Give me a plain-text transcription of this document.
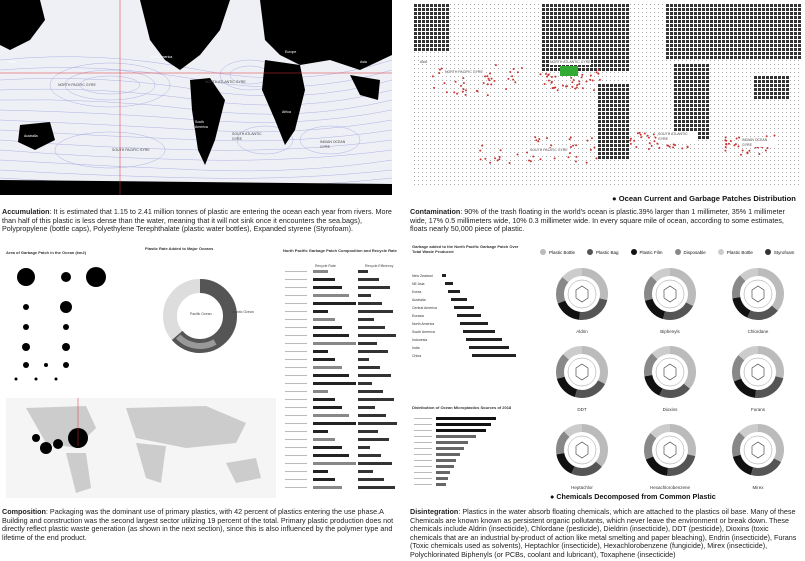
Asia
North America
Europe
Asia
NORTH PACIFIC GYRE
NORTH ATLANTIC GYRE
South America
Africa
SOUTH ATLANTIC GYRE
Australia
SOUTH PACIFIC GYRE
INDIAN OCEAN GYRE
Asia
NORTH PACIFIC GYRE
SOUTH PACIFIC GYRE
NORTH ATLANTIC GYRE
SOUTH ATLANTIC GYRE	INDIAN OCEAN GYRE
● Ocean Current and Garbage Patches Distribution
Accumulation: It is estimated that 1.15 to 2.41 million tonnes of plastic are entering the ocean each year from rivers. More than half of this plastic is less dense than the water, meaning that it will not sink once it encounters the sea.bags), Polypropylene (bottle caps), Polyethylene Terephthalate (plastic water bottles), Expanded styrene (Styrofoam).
Contamination: 90% of the trash floating in the world's ocean is plastic.39% larger than 1 millimeter, 35% 1 millimeter wide, 17% 0.5 millimeters wide, 10% 0.3 millimeter wide. In every square mile of ocean, according to some estimates, floats nearly 50,000 piece of plastic.
Area of Garbage Patch in the Ocean (km2)
Plastic Rate Added to Major Oceans
Pacific Ocean	Atlantic Ocean
North Pacific Garbage Patch Composition and Recycle Rate
Recycle Rate	Recycle Efficiency
Garbage added to the North Pacific Garbage Patch Over Total Waste Produced
New Zealand
NE Asia
Korea
Australia
Central America
Eurasia
North America
South America
Indonesia
India
China
Distribution of Ocean Microplastics Sources of 2018
Plastic Bottle	Plastic Bag	Plastic Film	Disposable	Plastic Bottle	Styrofoam
Aldrin	Biphenyls	Chlordane
DDT	Dioxins	Furans
Heptachlor	Hexachlorobenzene	Mirex
● Chemicals Decomposed from Common Plastic
Composition: Packaging was the dominant use of primary plastics, with 42 percent of plastics entering the use phase.A Building and construction was the second largest sector utilizing 19 percent of the total. Primary plastic production does not directly reflect plastic waste generation (as shown in the next section), since this is also influenced by the polymer type and lifetime of the end product.
Disintegration: Plastics in the water absorb floating chemicals, which are attached to the plastics oil base. Many of these Chemicals are known known as persistent organic pollutants, which never leave the environment or break down. These chemicals include Aldrin (insecticide), Chlordane (pesticide), Dieldrin (insecticide), DDT (pesticide), Dioxins (toxic chemicals that are an industrial by-product of action like metal smelting and paper bleaching), Endrin (insecticide), Furans (Toxic chemicals used as solvents), Heptachlor (insecticide), Hexachlorobenzene (fungicide), Mirex (insecticide), Polychlorinated Biphenyls (or PCBs, coolant and lubricant), Toxaphene (insecticide)
